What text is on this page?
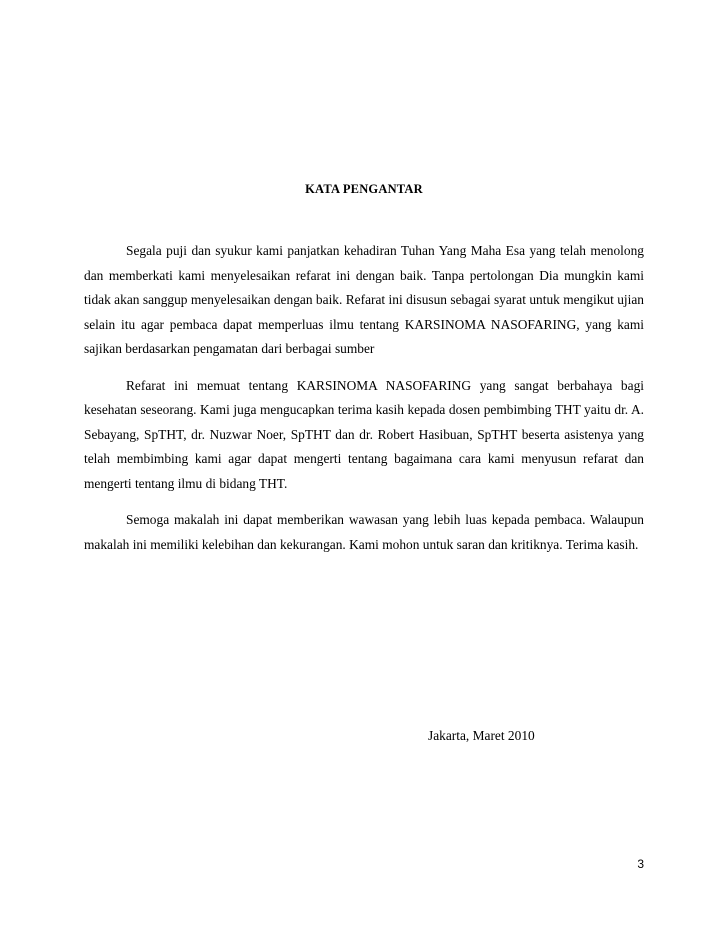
KATA PENGANTAR

Segala puji dan syukur kami panjatkan kehadiran Tuhan Yang Maha Esa yang telah menolong dan memberkati kami menyelesaikan refarat ini dengan baik. Tanpa pertolongan Dia mungkin kami tidak akan sanggup menyelesaikan dengan baik. Refarat ini disusun sebagai syarat untuk mengikut ujian selain itu agar pembaca dapat memperluas ilmu tentang KARSINOMA NASOFARING, yang kami sajikan berdasarkan pengamatan dari berbagai sumber

Refarat ini memuat tentang KARSINOMA NASOFARING yang sangat berbahaya bagi kesehatan seseorang. Kami juga mengucapkan terima kasih kepada dosen pembimbing THT yaitu dr. A. Sebayang, SpTHT, dr. Nuzwar Noer, SpTHT dan dr. Robert Hasibuan, SpTHT beserta asistenya yang telah membimbing kami agar dapat mengerti tentang bagaimana cara kami menyusun refarat dan mengerti tentang ilmu di bidang THT.

Semoga makalah ini dapat memberikan wawasan yang lebih luas kepada pembaca. Walaupun makalah ini memiliki kelebihan dan kekurangan. Kami mohon untuk saran dan kritiknya. Terima kasih.

Jakarta, Maret 2010
3
